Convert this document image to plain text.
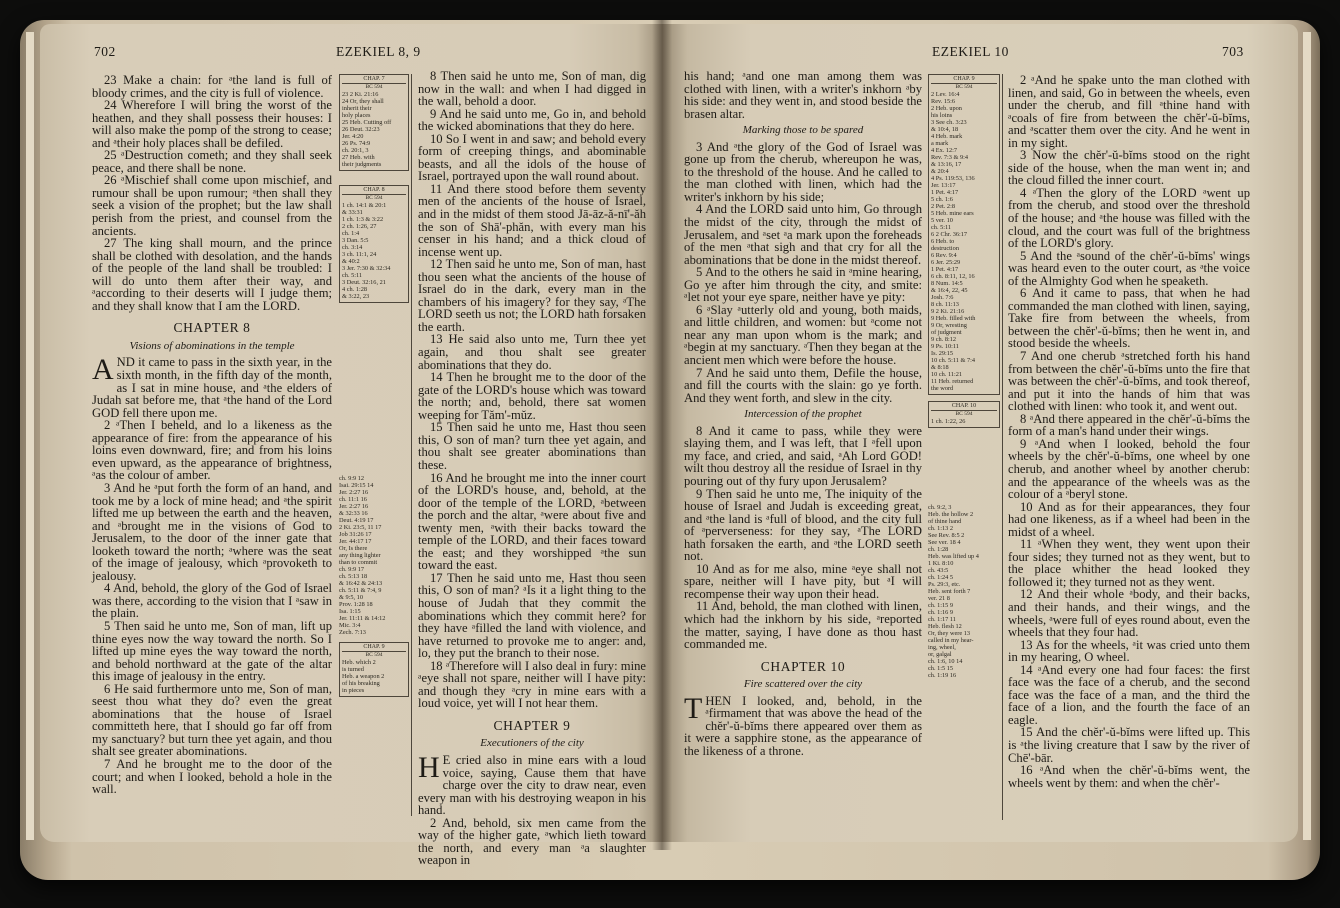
702	EZEKIEL 8, 9

23 Make a chain: for ᵃthe land is full of bloody crimes, and the city is full of violence.

24 Wherefore I will bring the worst of the heathen, and they shall possess their houses: I will also make the pomp of the strong to cease; and ᵃtheir holy places shall be defiled.

25 ᵃDestruction cometh; and they shall seek peace, and there shall be none.

26 ᵃMischief shall come upon mischief, and rumour shall be upon rumour; ᵃthen shall they seek a vision of the prophet; but the law shall perish from the priest, and counsel from the ancients.

27 The king shall mourn, and the prince shall be clothed with desolation, and the hands of the people of the land shall be troubled: I will do unto them after their way, and ᵃaccording to their deserts will I judge them; and they shall know that I am the LORD.

CHAPTER 8
Visions of abominations in the temple

AND it came to pass in the sixth year, in the sixth month, in the fifth day of the month, as I sat in mine house, and ᵃthe elders of Judah sat before me, that ᵃthe hand of the Lord GOD fell there upon me.

2 ᵃThen I beheld, and lo a likeness as the appearance of fire: from the appearance of his loins even downward, fire; and from his loins even upward, as the appearance of brightness, ᵃas the colour of amber.

3 And he ᵃput forth the form of an hand, and took me by a lock of mine head; and ᵃthe spirit lifted me up between the earth and the heaven, and ᵃbrought me in the visions of God to Jerusalem, to the door of the inner gate that looketh toward the north; ᵃwhere was the seat of the image of jealousy, which ᵃprovoketh to jealousy.

4 And, behold, the glory of the God of Israel was there, according to the vision that I ᵃsaw in the plain.

5 Then said he unto me, Son of man, lift up thine eyes now the way toward the north. So I lifted up mine eyes the way toward the north, and behold northward at the gate of the altar this image of jealousy in the entry.

6 He said furthermore unto me, Son of man, seest thou what they do? even the great abominations that the house of Israel committeth here, that I should go far off from my sanctuary? but turn thee yet again, and thou shalt see greater abominations.

7 And he brought me to the door of the court; and when I looked, behold a hole in the wall.

CHAP. 7
BC 594
23 2 Ki. 21:16
24 Or, they shall
inherit their
holy places
25 Heb. Cutting off
26 Deut. 32:23
Jer. 4:20
26 Ps. 74:9
ch. 20:1, 3
27 Heb. with
their judgments
CHAP. 8
BC 594
1 ch. 14:1 & 20:1
& 33:31
1 ch. 1:3 & 3:22
2 ch. 1:26, 27
ch. 1:4
3 Dan. 5:5
ch. 3:14
3 ch. 11:1, 24
& 40:2
3 Jer. 7:30 & 32:34
ch. 5:11
3 Deut. 32:16, 21
4 ch. 1:28
& 3:22, 23
ch. 9:9 12
Isai. 29:15 14
Jer. 2:27 16
ch. 11:1 16
Jer. 2:27 16
& 32:33 16
Deut. 4:19 17
2 Ki. 23:5, 11 17
Job 31:26 17
Jer. 44:17 17
Or, Is there
any thing lighter
than to commit
ch. 9:9 17
ch. 5:13 18
& 16:42 & 24:13
ch. 5:11 & 7:4, 9
& 9:5, 10
Prov. 1:28 18
Isa. 1:15
Jer. 11:11 & 14:12
Mic. 3:4
Zech. 7:13
CHAP. 9
BC 594
Heb. which 2
is turned
Heb. a weapon 2
of his breaking
in pieces

8 Then said he unto me, Son of man, dig now in the wall: and when I had digged in the wall, behold a door.

9 And he said unto me, Go in, and behold the wicked abominations that they do here.

10 So I went in and saw; and behold every form of creeping things, and abominable beasts, and all the idols of the house of Israel, portrayed upon the wall round about.

11 And there stood before them seventy men of the ancients of the house of Israel, and in the midst of them stood Jā-āz-ă-nī'-ăh the son of Shā'-phăn, with every man his censer in his hand; and a thick cloud of incense went up.

12 Then said he unto me, Son of man, hast thou seen what the ancients of the house of Israel do in the dark, every man in the chambers of his imagery? for they say, ᵃThe LORD seeth us not; the LORD hath forsaken the earth.

13 He said also unto me, Turn thee yet again, and thou shalt see greater abominations that they do.

14 Then he brought me to the door of the gate of the LORD's house which was toward the north; and, behold, there sat women weeping for Tăm'-mŭz.

15 Then said he unto me, Hast thou seen this, O son of man? turn thee yet again, and thou shalt see greater abominations than these.

16 And he brought me into the inner court of the LORD's house, and, behold, at the door of the temple of the LORD, ᵃbetween the porch and the altar, ᵃwere about five and twenty men, ᵃwith their backs toward the temple of the LORD, and their faces toward the east; and they worshipped ᵃthe sun toward the east.

17 Then he said unto me, Hast thou seen this, O son of man? ᵃIs it a light thing to the house of Judah that they commit the abominations which they commit here? for they have ᵃfilled the land with violence, and have returned to provoke me to anger: and, lo, they put the branch to their nose.

18 ᵃTherefore will I also deal in fury: mine ᵃeye shall not spare, neither will I have pity: and though they ᵃcry in mine ears with a loud voice, yet will I not hear them.

CHAPTER 9
Executioners of the city

H E cried also in mine ears with a loud voice, saying, Cause them that have charge over the city to draw near, even every man with his destroying weapon in his hand.

2 And, behold, six men came from the way of the higher gate, ᵃwhich lieth toward the north, and every man ᵃa slaughter weapon in

EZEKIEL 10	703

his hand; ᵃand one man among them was clothed with linen, with a writer's inkhorn ᵃby his side: and they went in, and stood beside the brasen altar.

Marking those to be spared

3 And ᵃthe glory of the God of Israel was gone up from the cherub, whereupon he was, to the threshold of the house. And he called to the man clothed with linen, which had the writer's inkhorn by his side;

4 And the LORD said unto him, Go through the midst of the city, through the midst of Jerusalem, and ᵃset ᵃa mark upon the foreheads of the men ᵃthat sigh and that cry for all the abominations that be done in the midst thereof.

5 And to the others he said in ᵃmine hearing, Go ye after him through the city, and smite: ᵃlet not your eye spare, neither have ye pity:

6 ᵃSlay ᵃutterly old and young, both maids, and little children, and women: but ᵃcome not near any man upon whom is the mark; and ᵃbegin at my sanctuary. ᵃThen they began at the ancient men which were before the house.

7 And he said unto them, Defile the house, and fill the courts with the slain: go ye forth. And they went forth, and slew in the city.

Intercession of the prophet

8 And it came to pass, while they were slaying them, and I was left, that I ᵃfell upon my face, and cried, and said, ᵃAh Lord GOD! wilt thou destroy all the residue of Israel in thy pouring out of thy fury upon Jerusalem?

9 Then said he unto me, The iniquity of the house of Israel and Judah is exceeding great, and ᵃthe land is ᵃfull of blood, and the city full of ᵃperverseness: for they say, ᵃThe LORD hath forsaken the earth, and ᵃthe LORD seeth not.

10 And as for me also, mine ᵃeye shall not spare, neither will I have pity, but ᵃI will recompense their way upon their head.

11 And, behold, the man clothed with linen, which had the inkhorn by his side, ᵃreported the matter, saying, I have done as thou hast commanded me.

CHAPTER 10
Fire scattered over the city

THEN I looked, and, behold, in the ᵃfirmament that was above the head of the chĕr'-ŭ-bĭms there appeared over them as it were a sapphire stone, as the appearance of the likeness of a throne.

CHAP. 9
BC 594
2 Lev. 16:4
Rev. 15:6
2 Heb. upon
his loins
3 See ch. 3:23
& 10:4, 18
4 Heb. mark
a mark
4 Ex. 12:7
Rev. 7:3 & 9:4
& 13:16, 17
& 20:4
4 Ps. 119:53, 136
Jer. 13:17
1 Pet. 4:17
5 ch. 1:6
2 Pet. 2:8
5 Heb. mine ears
5 ver. 10
ch. 5:11
6 2 Chr. 36:17
6 Heb. to
destruction
6 Rev. 9:4
6 Jer. 25:29
1 Pet. 4:17
6 ch. 8:11, 12, 16
8 Num. 14:5
& 16:4, 22, 45
Josh. 7:6
8 ch. 11:13
9 2 Ki. 21:16
9 Heb. filled with
9 Or, wresting
of judgment
9 ch. 8:12
9 Ps. 10:11
Is. 29:15
10 ch. 5:11 & 7:4
& 8:18
10 ch. 11:21
11 Heb. returned
the word
CHAP. 10
BC 594
1 ch. 1:22, 26
ch. 9:2, 3
Heb. the hollow 2
of thine hand
ch. 1:13 2
See Rev. 8:5 2
See ver. 18 4
ch. 1:28
Heb. was lifted up 4
1 Ki. 8:10
ch. 43:5
ch. 1:24 5
Ps. 29:3, etc.
Heb. sent forth 7
ver. 21 8
ch. 1:15 9
ch. 1:16 9
ch. 1:17 11
Heb. flesh 12
Or, they were 13
called in my hear-
ing, wheel,
or, galgal
ch. 1:6, 10 14
ch. 1:5 15
ch. 1:19 16

2 ᵃAnd he spake unto the man clothed with linen, and said, Go in between the wheels, even under the cherub, and fill ᵃthine hand with ᵃcoals of fire from between the chĕr'-ŭ-bĭms, and ᵃscatter them over the city. And he went in in my sight.

3 Now the chĕr'-ŭ-bĭms stood on the right side of the house, when the man went in; and the cloud filled the inner court.

4 ᵃThen the glory of the LORD ᵃwent up from the cherub, and stood over the threshold of the house; and ᵃthe house was filled with the cloud, and the court was full of the brightness of the LORD's glory.

5 And the ᵃsound of the chĕr'-ŭ-bĭms' wings was heard even to the outer court, as ᵃthe voice of the Almighty God when he speaketh.

6 And it came to pass, that when he had commanded the man clothed with linen, saying, Take fire from between the wheels, from between the chĕr'-ŭ-bĭms; then he went in, and stood beside the wheels.

7 And one cherub ᵃstretched forth his hand from between the chĕr'-ŭ-bĭms unto the fire that was between the chĕr'-ŭ-bĭms, and took thereof, and put it into the hands of him that was clothed with linen: who took it, and went out.

8 ᵃAnd there appeared in the chĕr'-ŭ-bĭms the form of a man's hand under their wings.

9 ᵃAnd when I looked, behold the four wheels by the chĕr'-ŭ-bĭms, one wheel by one cherub, and another wheel by another cherub: and the appearance of the wheels was as the colour of a ᵃberyl stone.

10 And as for their appearances, they four had one likeness, as if a wheel had been in the midst of a wheel.

11 ᵃWhen they went, they went upon their four sides; they turned not as they went, but to the place whither the head looked they followed it; they turned not as they went.

12 And their whole ᵃbody, and their backs, and their hands, and their wings, and the wheels, ᵃwere full of eyes round about, even the wheels that they four had.

13 As for the wheels, ᵃit was cried unto them in my hearing, O wheel.

14 ᵃAnd every one had four faces: the first face was the face of a cherub, and the second face was the face of a man, and the third the face of a lion, and the fourth the face of an eagle.

15 And the chĕr'-ŭ-bĭms were lifted up. This is ᵃthe living creature that I saw by the river of Chē'-bār.

16 ᵃAnd when the chĕr'-ŭ-bĭms went, the wheels went by them: and when the chĕr'-
